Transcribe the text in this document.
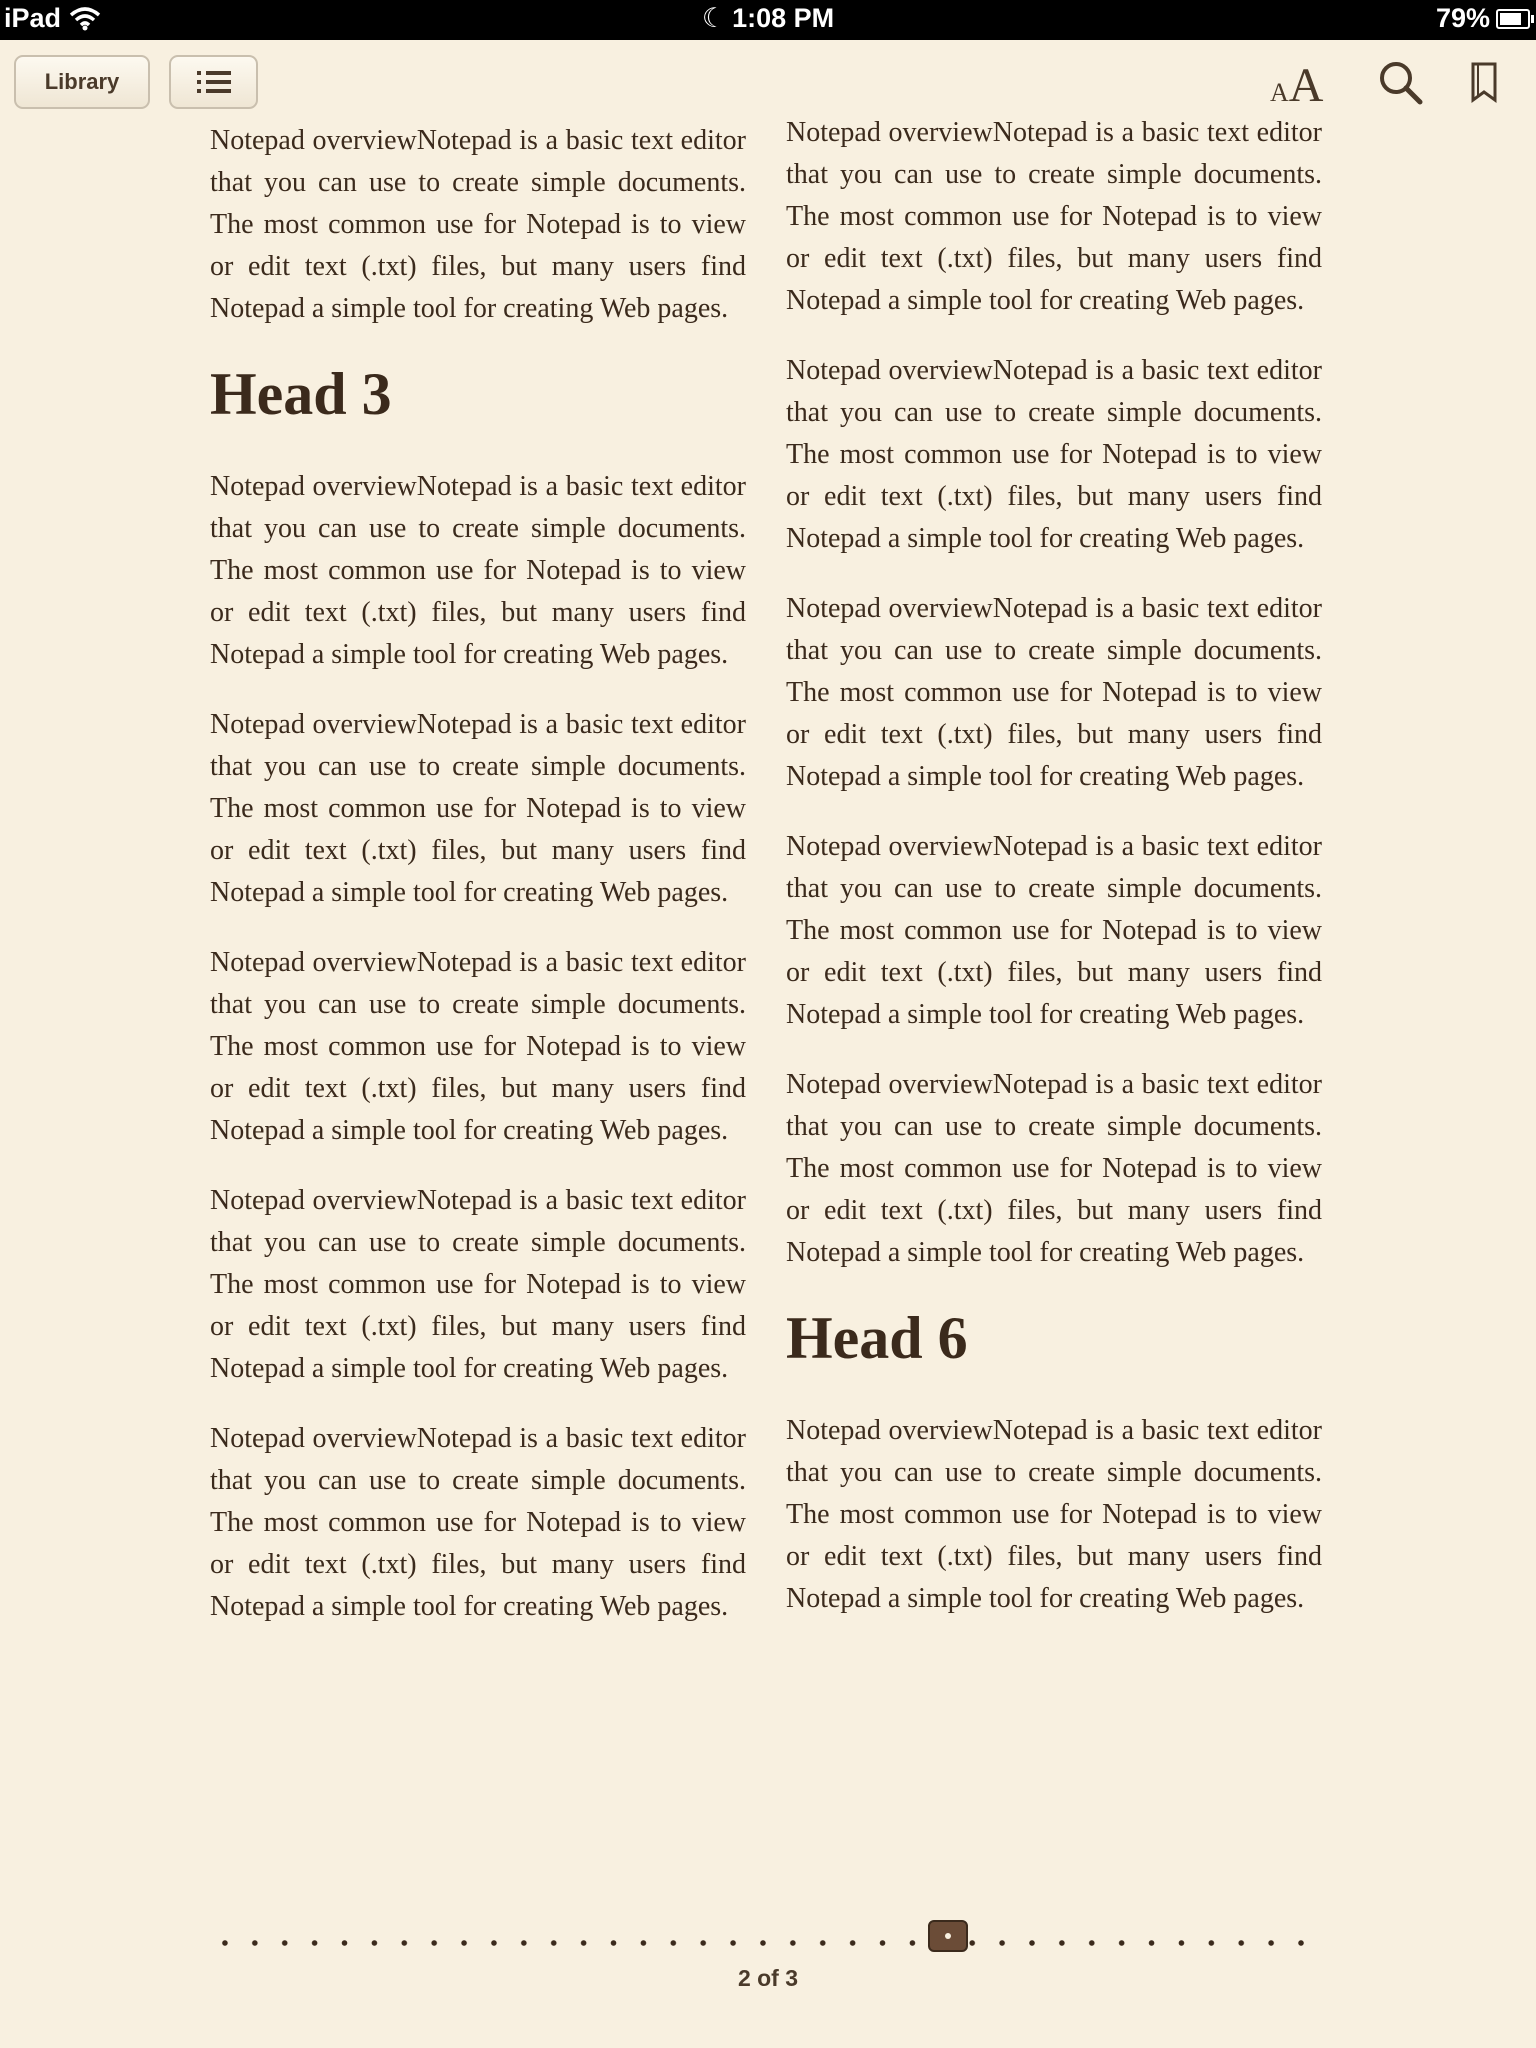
iPad	☾ 1:08 PM	79%
Library	AA

Notepad overviewNotepad is a basic text editor that you can use to create simple documents. The most common use for Notepad is to view or edit text (.txt) files, but many users find Notepad a simple tool for creating Web pages.

Head 3

Notepad overviewNotepad is a basic text editor that you can use to create simple documents. The most common use for Notepad is to view or edit text (.txt) files, but many users find Notepad a simple tool for creating Web pages.

Notepad overviewNotepad is a basic text editor that you can use to create simple documents. The most common use for Notepad is to view or edit text (.txt) files, but many users find Notepad a simple tool for creating Web pages.

Notepad overviewNotepad is a basic text editor that you can use to create simple documents. The most common use for Notepad is to view or edit text (.txt) files, but many users find Notepad a simple tool for creating Web pages.

Notepad overviewNotepad is a basic text editor that you can use to create simple documents. The most common use for Notepad is to view or edit text (.txt) files, but many users find Notepad a simple tool for creating Web pages.

Notepad overviewNotepad is a basic text editor that you can use to create simple documents. The most common use for Notepad is to view or edit text (.txt) files, but many users find Notepad a simple tool for creating Web pages.

Notepad overviewNotepad is a basic text editor that you can use to create simple documents. The most common use for Notepad is to view or edit text (.txt) files, but many users find Notepad a simple tool for creating Web pages.

Notepad overviewNotepad is a basic text editor that you can use to create simple documents. The most common use for Notepad is to view or edit text (.txt) files, but many users find Notepad a simple tool for creating Web pages.

Notepad overviewNotepad is a basic text editor that you can use to create simple documents. The most common use for Notepad is to view or edit text (.txt) files, but many users find Notepad a simple tool for creating Web pages.

Notepad overviewNotepad is a basic text editor that you can use to create simple documents. The most common use for Notepad is to view or edit text (.txt) files, but many users find Notepad a simple tool for creating Web pages.

Notepad overviewNotepad is a basic text editor that you can use to create simple documents. The most common use for Notepad is to view or edit text (.txt) files, but many users find Notepad a simple tool for creating Web pages.

Head 6

Notepad overviewNotepad is a basic text editor that you can use to create simple documents. The most common use for Notepad is to view or edit text (.txt) files, but many users find Notepad a simple tool for creating Web pages.

2 of 3
